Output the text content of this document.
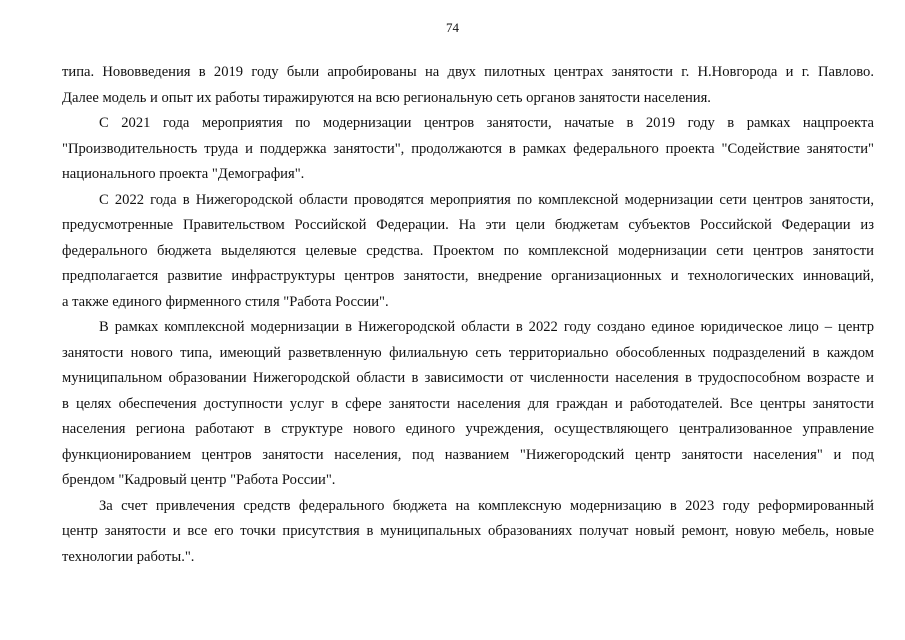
74
типа. Нововведения в 2019 году были апробированы на двух пилотных центрах занятости г. Н.Новгорода и г. Павлово.
Далее модель и опыт их работы тиражируются на всю региональную сеть органов занятости населения.
С 2021 года мероприятия по модернизации центров занятости, начатые в 2019 году в рамках нацпроекта
"Производительность труда и поддержка занятости", продолжаются в рамках федерального проекта "Содействие занятости"
национального проекта "Демография".
С 2022 года в Нижегородской области проводятся мероприятия по комплексной модернизации сети центров занятости,
предусмотренные Правительством Российской Федерации. На эти цели бюджетам субъектов Российской Федерации из
федерального бюджета выделяются целевые средства. Проектом по комплексной модернизации сети центров занятости
предполагается развитие инфраструктуры центров занятости, внедрение организационных и технологических инноваций,
а также единого фирменного стиля "Работа России".
В рамках комплексной модернизации в Нижегородской области в 2022 году создано единое юридическое лицо – центр
занятости нового типа, имеющий разветвленную филиальную сеть территориально обособленных подразделений в каждом
муниципальном образовании Нижегородской области в зависимости от численности населения в трудоспособном возрасте и
в целях обеспечения доступности услуг в сфере занятости населения для граждан и работодателей. Все центры занятости
населения региона работают в структуре нового единого учреждения, осуществляющего централизованное управление
функционированием центров занятости населения, под названием "Нижегородский центр занятости населения" и под
брендом "Кадровый центр "Работа России".
За счет привлечения средств федерального бюджета на комплексную модернизацию в 2023 году реформированный
центр занятости и все его точки присутствия в муниципальных образованиях получат новый ремонт, новую мебель, новые
технологии работы.".
